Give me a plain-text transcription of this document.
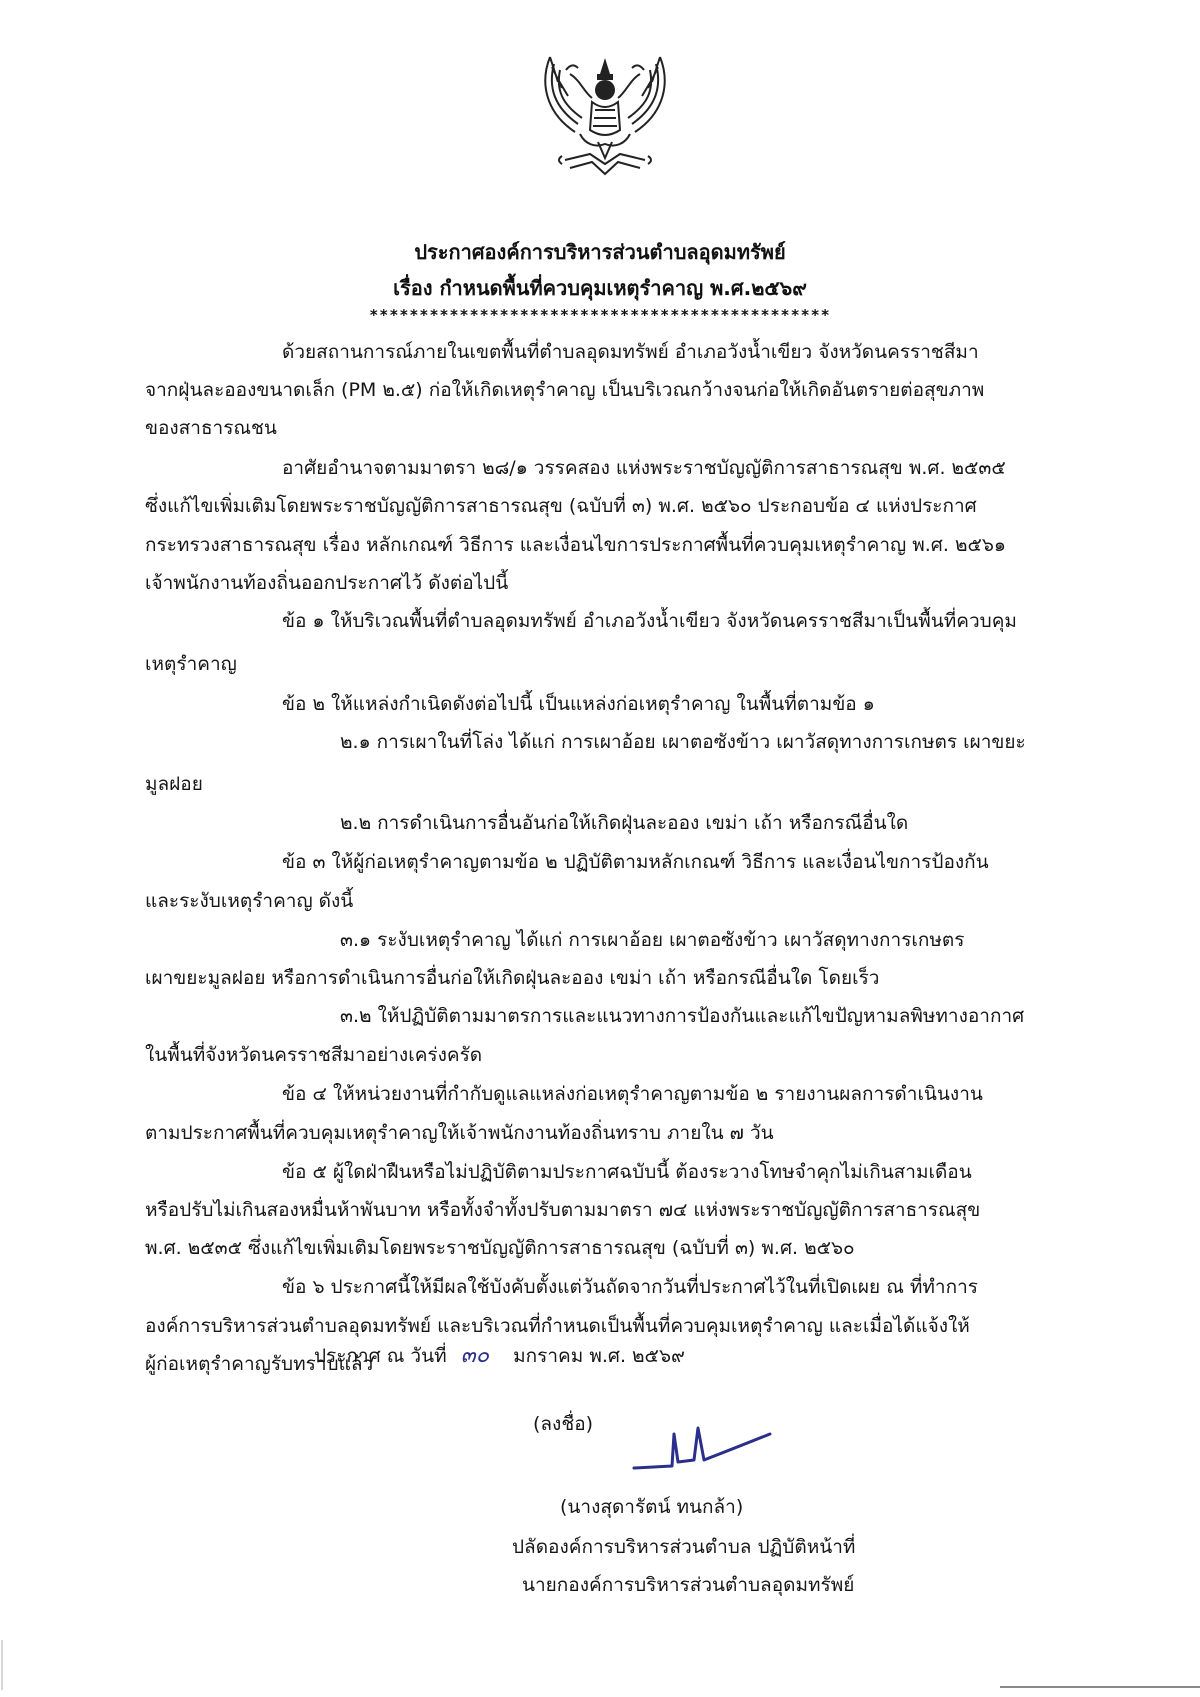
ประกาศองค์การบริหารส่วนตำบลอุดมทรัพย์
เรื่อง กำหนดพื้นที่ควบคุมเหตุรำคาญ พ.ศ.๒๕๖๙
**********************************************
ด้วยสถานการณ์ภายในเขตพื้นที่ตำบลอุดมทรัพย์ อำเภอวังน้ำเขียว จังหวัดนครราชสีมา
จากฝุ่นละอองขนาดเล็ก (PM ๒.๕) ก่อให้เกิดเหตุรำคาญ เป็นบริเวณกว้างจนก่อให้เกิดอันตรายต่อสุขภาพ
ของสาธารณชน
อาศัยอำนาจตามมาตรา ๒๘/๑ วรรคสอง แห่งพระราชบัญญัติการสาธารณสุข พ.ศ. ๒๕๓๕
ซึ่งแก้ไขเพิ่มเติมโดยพระราชบัญญัติการสาธารณสุข (ฉบับที่ ๓) พ.ศ. ๒๕๖๐ ประกอบข้อ ๔ แห่งประกาศ
กระทรวงสาธารณสุข เรื่อง หลักเกณฑ์ วิธีการ และเงื่อนไขการประกาศพื้นที่ควบคุมเหตุรำคาญ พ.ศ. ๒๕๖๑
เจ้าพนักงานท้องถิ่นออกประกาศไว้ ดังต่อไปนี้
ข้อ ๑ ให้บริเวณพื้นที่ตำบลอุดมทรัพย์ อำเภอวังน้ำเขียว จังหวัดนครราชสีมาเป็นพื้นที่ควบคุม
เหตุรำคาญ
ข้อ ๒ ให้แหล่งกำเนิดดังต่อไปนี้ เป็นแหล่งก่อเหตุรำคาญ ในพื้นที่ตามข้อ ๑
๒.๑ การเผาในที่โล่ง ได้แก่ การเผาอ้อย เผาตอซังข้าว เผาวัสดุทางการเกษตร เผาขยะ
มูลฝอย
๒.๒ การดำเนินการอื่นอันก่อให้เกิดฝุ่นละออง เขม่า เถ้า หรือกรณีอื่นใด
ข้อ ๓ ให้ผู้ก่อเหตุรำคาญตามข้อ ๒ ปฏิบัติตามหลักเกณฑ์ วิธีการ และเงื่อนไขการป้องกัน
และระงับเหตุรำคาญ ดังนี้
๓.๑ ระงับเหตุรำคาญ ได้แก่ การเผาอ้อย เผาตอซังข้าว เผาวัสดุทางการเกษตร
เผาขยะมูลฝอย หรือการดำเนินการอื่นก่อให้เกิดฝุ่นละออง เขม่า เถ้า หรือกรณีอื่นใด โดยเร็ว
๓.๒ ให้ปฏิบัติตามมาตรการและแนวทางการป้องกันและแก้ไขปัญหามลพิษทางอากาศ
ในพื้นที่จังหวัดนครราชสีมาอย่างเคร่งครัด
ข้อ ๔ ให้หน่วยงานที่กำกับดูแลแหล่งก่อเหตุรำคาญตามข้อ ๒ รายงานผลการดำเนินงาน
ตามประกาศพื้นที่ควบคุมเหตุรำคาญให้เจ้าพนักงานท้องถิ่นทราบ ภายใน ๗ วัน
ข้อ ๕ ผู้ใดฝ่าฝืนหรือไม่ปฏิบัติตามประกาศฉบับนี้ ต้องระวางโทษจำคุกไม่เกินสามเดือน
หรือปรับไม่เกินสองหมื่นห้าพันบาท หรือทั้งจำทั้งปรับตามมาตรา ๗๔ แห่งพระราชบัญญัติการสาธารณสุข
พ.ศ. ๒๕๓๕ ซึ่งแก้ไขเพิ่มเติมโดยพระราชบัญญัติการสาธารณสุข (ฉบับที่ ๓) พ.ศ. ๒๕๖๐
ข้อ ๖ ประกาศนี้ให้มีผลใช้บังคับตั้งแต่วันถัดจากวันที่ประกาศไว้ในที่เปิดเผย ณ ที่ทำการ
องค์การบริหารส่วนตำบลอุดมทรัพย์ และบริเวณที่กำหนดเป็นพื้นที่ควบคุมเหตุรำคาญ และเมื่อได้แจ้งให้
ผู้ก่อเหตุรำคาญรับทราบแล้ว
ประกาศ ณ วันที่ ๓๐ มกราคม พ.ศ. ๒๕๖๙
(ลงชื่อ)
(นางสุดารัตน์ ทนกล้า)
ปลัดองค์การบริหารส่วนตำบล ปฏิบัติหน้าที่
นายกองค์การบริหารส่วนตำบลอุดมทรัพย์
